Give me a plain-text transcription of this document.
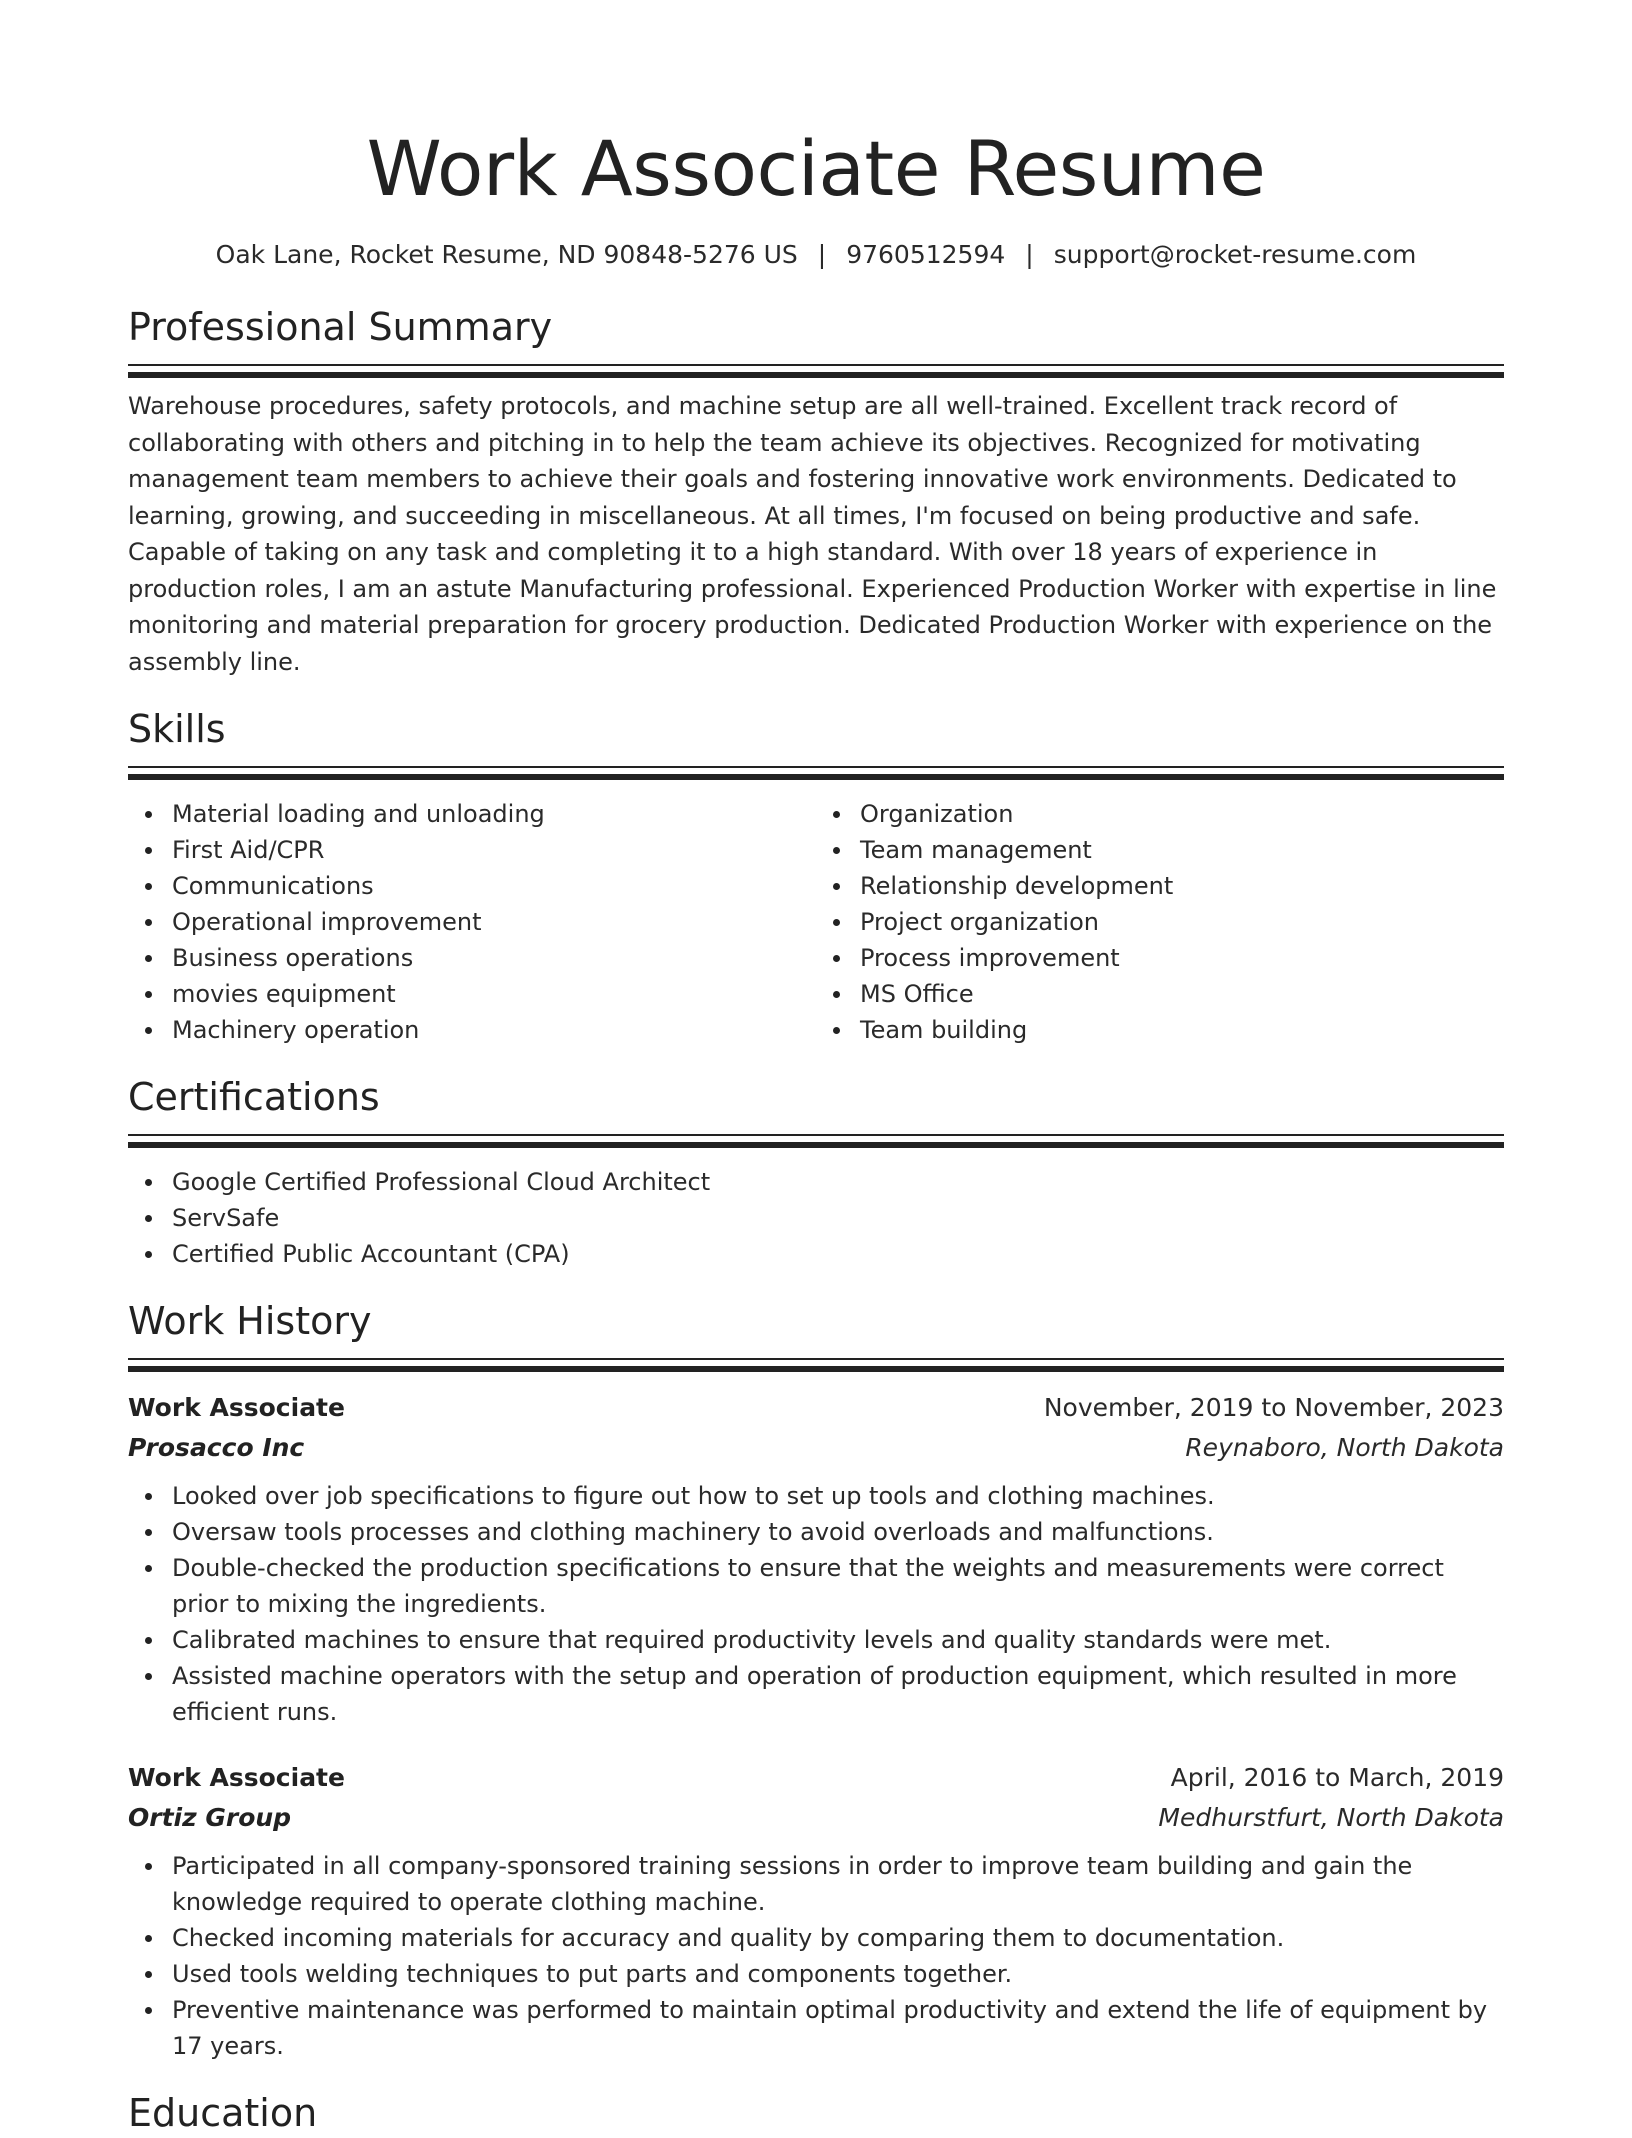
Work Associate Resume
Oak Lane, Rocket Resume, ND 90848-5276 US | 9760512594 | support@rocket-resume.com
Professional Summary
Warehouse procedures, safety protocols, and machine setup are all well-trained. Excellent track record of collaborating with others and pitching in to help the team achieve its objectives. Recognized for motivating management team members to achieve their goals and fostering innovative work environments. Dedicated to learning, growing, and succeeding in miscellaneous. At all times, I'm focused on being productive and safe. Capable of taking on any task and completing it to a high standard. With over 18 years of experience in production roles, I am an astute Manufacturing professional. Experienced Production Worker with expertise in line monitoring and material preparation for grocery production. Dedicated Production Worker with experience on the assembly line.
Skills
Material loading and unloading
First Aid/CPR
Communications
Operational improvement
Business operations
movies equipment
Machinery operation
Organization
Team management
Relationship development
Project organization
Process improvement
MS Office
Team building
Certifications
Google Certified Professional Cloud Architect
ServSafe
Certified Public Accountant (CPA)
Work History
Work Associate	November, 2019 to November, 2023
Prosacco Inc	Reynaboro, North Dakota
Looked over job specifications to figure out how to set up tools and clothing machines.
Oversaw tools processes and clothing machinery to avoid overloads and malfunctions.
Double-checked the production specifications to ensure that the weights and measurements were correct prior to mixing the ingredients.
Calibrated machines to ensure that required productivity levels and quality standards were met.
Assisted machine operators with the setup and operation of production equipment, which resulted in more efficient runs.
Work Associate	April, 2016 to March, 2019
Ortiz Group	Medhurstfurt, North Dakota
Participated in all company-sponsored training sessions in order to improve team building and gain the knowledge required to operate clothing machine.
Checked incoming materials for accuracy and quality by comparing them to documentation.
Used tools welding techniques to put parts and components together.
Preventive maintenance was performed to maintain optimal productivity and extend the life of equipment by 17 years.
Education
